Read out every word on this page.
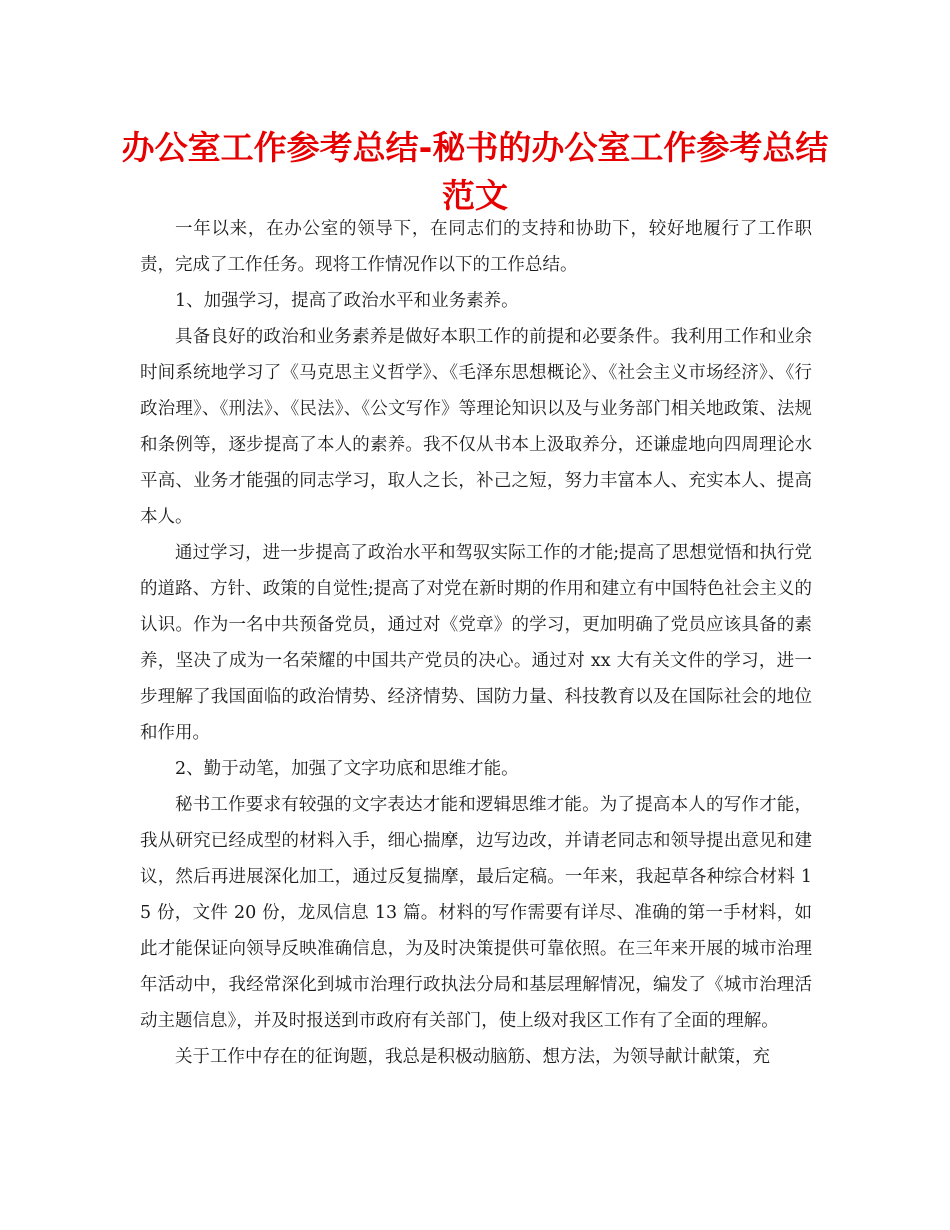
办公室工作参考总结-秘书的办公室工作参考总结范文

一年以来，在办公室的领导下，在同志们的支持和协助下，较好地履行了工作职责，完成了工作任务。现将工作情况作以下的工作总结。

1、加强学习，提高了政治水平和业务素养。

具备良好的政治和业务素养是做好本职工作的前提和必要条件。我利用工作和业余时间系统地学习了《马克思主义哲学》、《毛泽东思想概论》、《社会主义市场经济》、《行政治理》、《刑法》、《民法》、《公文写作》等理论知识以及与业务部门相关地政策、法规和条例等，逐步提高了本人的素养。我不仅从书本上汲取养分，还谦虚地向四周理论水平高、业务才能强的同志学习，取人之长，补己之短，努力丰富本人、充实本人、提高本人。

通过学习，进一步提高了政治水平和驾驭实际工作的才能;提高了思想觉悟和执行党的道路、方针、政策的自觉性;提高了对党在新时期的作用和建立有中国特色社会主义的认识。作为一名中共预备党员，通过对《党章》的学习，更加明确了党员应该具备的素养，坚决了成为一名荣耀的中国共产党员的决心。通过对 xx 大有关文件的学习，进一步理解了我国面临的政治情势、经济情势、国防力量、科技教育以及在国际社会的地位和作用。

2、勤于动笔，加强了文字功底和思维才能。

秘书工作要求有较强的文字表达才能和逻辑思维才能。为了提高本人的写作才能，我从研究已经成型的材料入手，细心揣摩，边写边改，并请老同志和领导提出意见和建议，然后再进展深化加工，通过反复揣摩，最后定稿。一年来，我起草各种综合材料 15 份，文件 20 份，龙凤信息 13 篇。材料的写作需要有详尽、准确的第一手材料，如此才能保证向领导反映准确信息，为及时决策提供可靠依照。在三年来开展的城市治理年活动中，我经常深化到城市治理行政执法分局和基层理解情况，编发了《城市治理活动主题信息》，并及时报送到市政府有关部门，使上级对我区工作有了全面的理解。

关于工作中存在的征询题，我总是积极动脑筋、想方法，为领导献计献策，充
